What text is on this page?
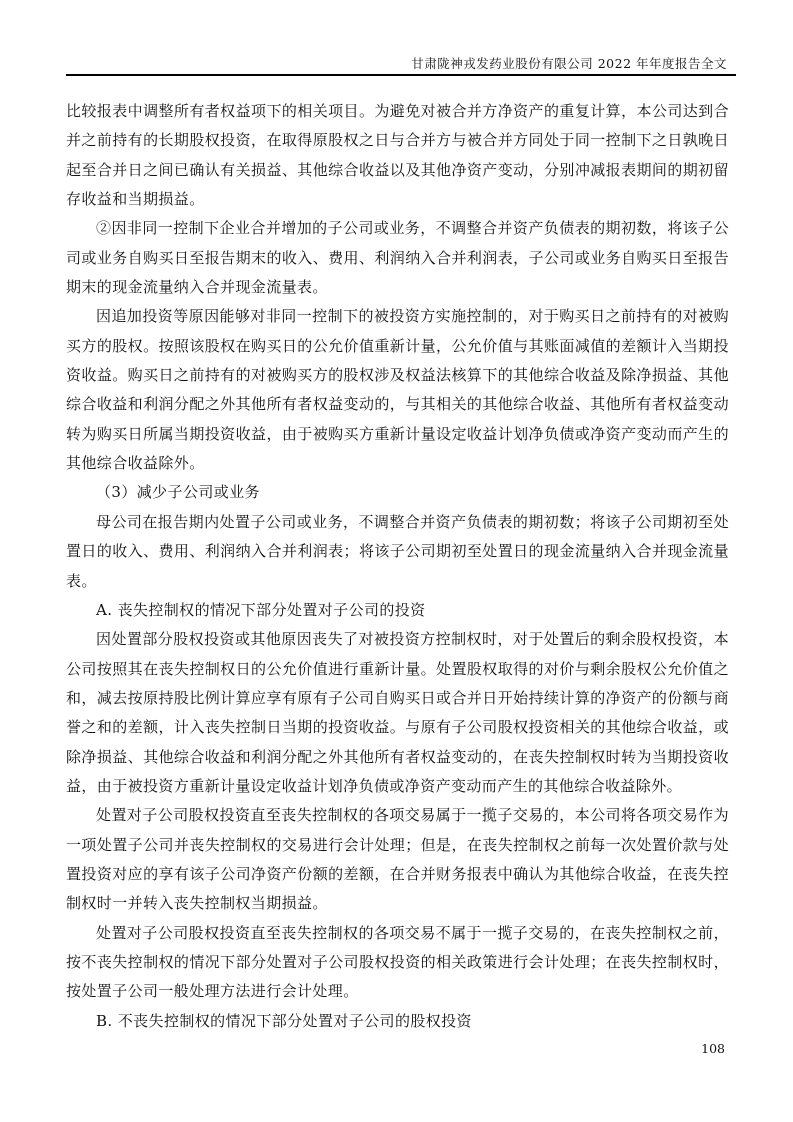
甘肃陇神戎发药业股份有限公司 2022 年年度报告全文

比较报表中调整所有者权益项下的相关项目。为避免对被合并方净资产的重复计算，本公司达到合并之前持有的长期股权投资，在取得原股权之日与合并方与被合并方同处于同一控制下之日孰晚日起至合并日之间已确认有关损益、其他综合收益以及其他净资产变动，分别冲减报表期间的期初留存收益和当期损益。

②因非同一控制下企业合并增加的子公司或业务，不调整合并资产负债表的期初数，将该子公司或业务自购买日至报告期末的收入、费用、利润纳入合并利润表，子公司或业务自购买日至报告期末的现金流量纳入合并现金流量表。

因追加投资等原因能够对非同一控制下的被投资方实施控制的，对于购买日之前持有的对被购买方的股权。按照该股权在购买日的公允价值重新计量，公允价值与其账面减值的差额计入当期投资收益。购买日之前持有的对被购买方的股权涉及权益法核算下的其他综合收益及除净损益、其他综合收益和利润分配之外其他所有者权益变动的，与其相关的其他综合收益、其他所有者权益变动转为购买日所属当期投资收益，由于被购买方重新计量设定收益计划净负债或净资产变动而产生的其他综合收益除外。

（3）减少子公司或业务

母公司在报告期内处置子公司或业务，不调整合并资产负债表的期初数；将该子公司期初至处置日的收入、费用、利润纳入合并利润表；将该子公司期初至处置日的现金流量纳入合并现金流量表。

A. 丧失控制权的情况下部分处置对子公司的投资

因处置部分股权投资或其他原因丧失了对被投资方控制权时，对于处置后的剩余股权投资，本公司按照其在丧失控制权日的公允价值进行重新计量。处置股权取得的对价与剩余股权公允价值之和，减去按原持股比例计算应享有原有子公司自购买日或合并日开始持续计算的净资产的份额与商誉之和的差额，计入丧失控制日当期的投资收益。与原有子公司股权投资相关的其他综合收益，或除净损益、其他综合收益和利润分配之外其他所有者权益变动的，在丧失控制权时转为当期投资收益，由于被投资方重新计量设定收益计划净负债或净资产变动而产生的其他综合收益除外。

处置对子公司股权投资直至丧失控制权的各项交易属于一揽子交易的，本公司将各项交易作为一项处置子公司并丧失控制权的交易进行会计处理；但是，在丧失控制权之前每一次处置价款与处置投资对应的享有该子公司净资产份额的差额，在合并财务报表中确认为其他综合收益，在丧失控制权时一并转入丧失控制权当期损益。

处置对子公司股权投资直至丧失控制权的各项交易不属于一揽子交易的，在丧失控制权之前，按不丧失控制权的情况下部分处置对子公司股权投资的相关政策进行会计处理；在丧失控制权时，按处置子公司一般处理方法进行会计处理。

B. 不丧失控制权的情况下部分处置对子公司的股权投资

108
